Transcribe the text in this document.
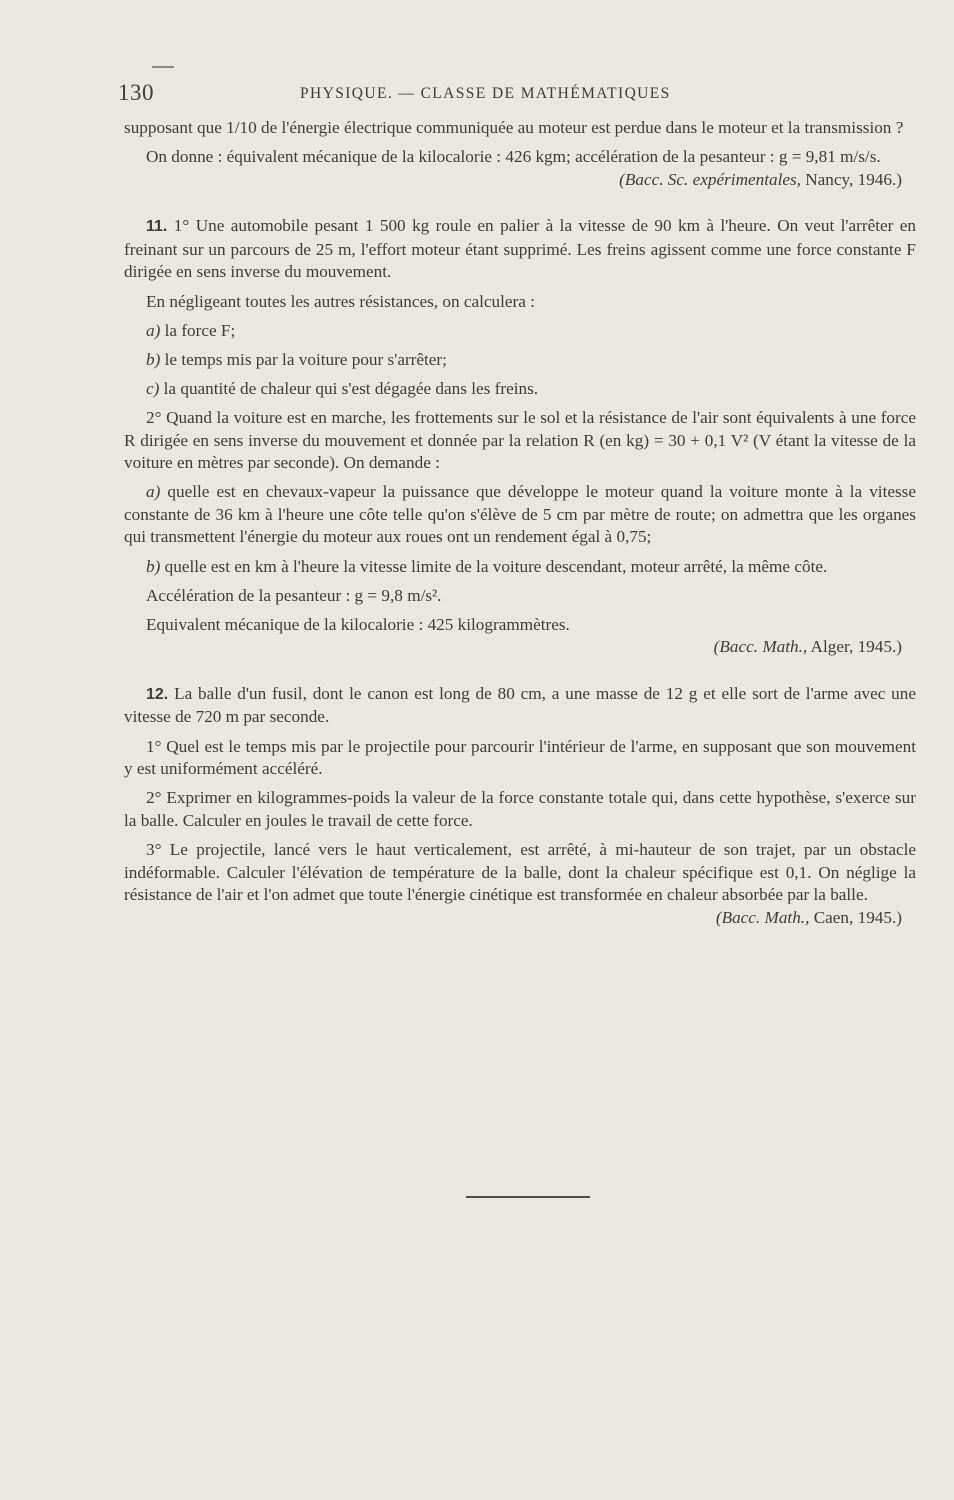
130	PHYSIQUE. — CLASSE DE MATHÉMATIQUES

supposant que 1/10 de l'énergie électrique communiquée au moteur est perdue dans le moteur et la transmission ?

On donne : équivalent mécanique de la kilocalorie : 426 kgm; accélération de la pesanteur : g = 9,81 m/s/s.

(Bacc. Sc. expérimentales, Nancy, 1946.)

11. 1° Une automobile pesant 1 500 kg roule en palier à la vitesse de 90 km à l'heure. On veut l'arrêter en freinant sur un parcours de 25 m, l'effort moteur étant supprimé. Les freins agissent comme une force constante F dirigée en sens inverse du mouvement.

En négligeant toutes les autres résistances, on calculera :

a) la force F;

b) le temps mis par la voiture pour s'arrêter;

c) la quantité de chaleur qui s'est dégagée dans les freins.

2° Quand la voiture est en marche, les frottements sur le sol et la résistance de l'air sont équivalents à une force R dirigée en sens inverse du mouvement et donnée par la relation R (en kg) = 30 + 0,1 V² (V étant la vitesse de la voiture en mètres par seconde). On demande :

a) quelle est en chevaux-vapeur la puissance que développe le moteur quand la voiture monte à la vitesse constante de 36 km à l'heure une côte telle qu'on s'élève de 5 cm par mètre de route; on admettra que les organes qui transmettent l'énergie du moteur aux roues ont un rendement égal à 0,75;

b) quelle est en km à l'heure la vitesse limite de la voiture descendant, moteur arrêté, la même côte.

Accélération de la pesanteur : g = 9,8 m/s².

Equivalent mécanique de la kilocalorie : 425 kilogrammètres.

(Bacc. Math., Alger, 1945.)

12. La balle d'un fusil, dont le canon est long de 80 cm, a une masse de 12 g et elle sort de l'arme avec une vitesse de 720 m par seconde.

1° Quel est le temps mis par le projectile pour parcourir l'intérieur de l'arme, en supposant que son mouvement y est uniformément accéléré.

2° Exprimer en kilogrammes-poids la valeur de la force constante totale qui, dans cette hypothèse, s'exerce sur la balle. Calculer en joules le travail de cette force.

3° Le projectile, lancé vers le haut verticalement, est arrêté, à mi-hauteur de son trajet, par un obstacle indéformable. Calculer l'élévation de température de la balle, dont la chaleur spécifique est 0,1. On néglige la résistance de l'air et l'on admet que toute l'énergie cinétique est transformée en chaleur absorbée par la balle.

(Bacc. Math., Caen, 1945.)
